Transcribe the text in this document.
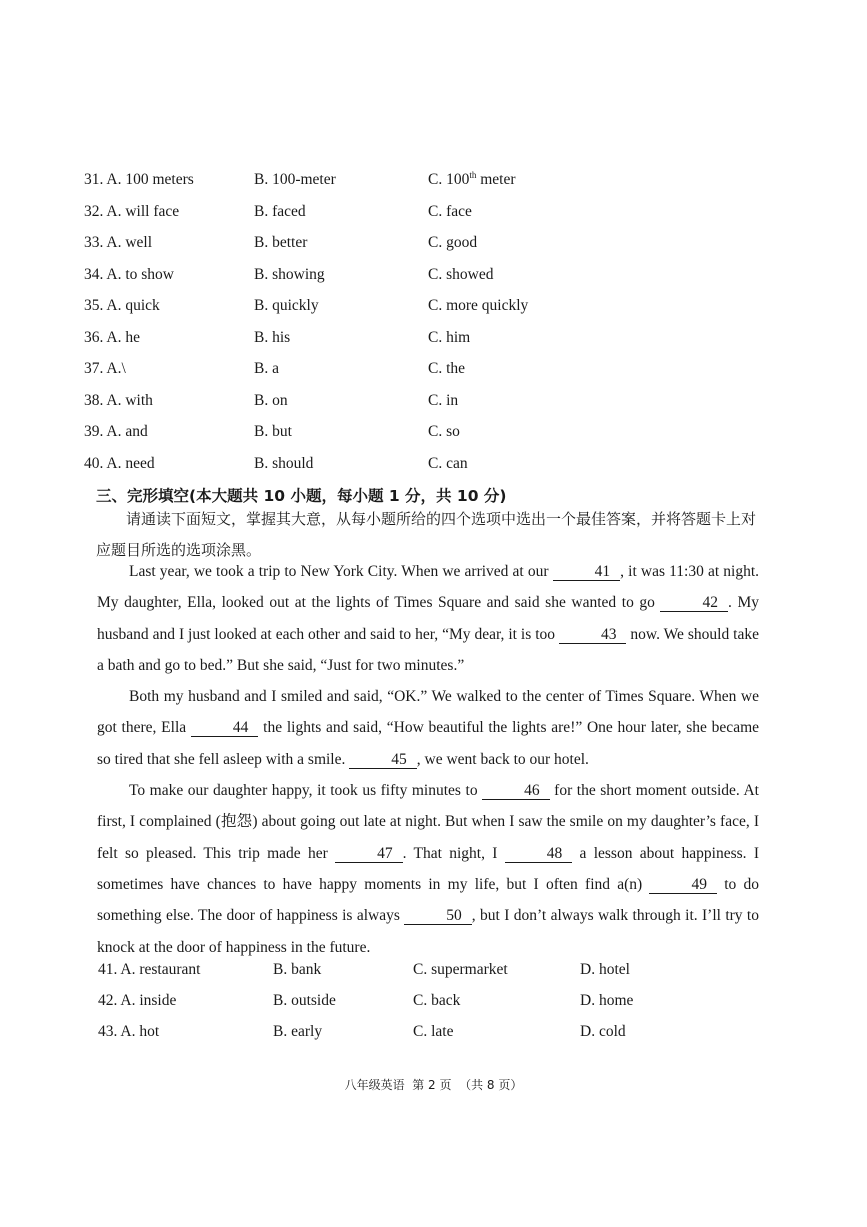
31. A. 100 meters	B. 100-meter	C. 100th meter
32. A. will face	B. faced	C. face
33. A. well	B. better	C. good
34. A. to show	B. showing	C. showed
35. A. quick	B. quickly	C. more quickly
36. A. he	B. his	C. him
37. A.\	B. a	C. the
38. A. with	B. on	C. in
39. A. and	B. but	C. so
40. A. need	B. should	C. can
三、完形填空(本大题共 10 小题，每小题 1 分，共 10 分)
请通读下面短文，掌握其大意，从每小题所给的四个选项中选出一个最佳答案，并将答题卡上对应题目所选的选项涂黑。

Last year, we took a trip to New York City. When we arrived at our	41 , it was 11:30 at night. My daughter, Ella, looked out at the lights of Times Square and said she wanted to go	42 . My husband and I just looked at each other and said to her, “My dear, it is too	43 now. We should take a bath and go to bed.” But she said, “Just for two minutes.”

Both my husband and I smiled and said, “OK.” We walked to the center of Times Square. When we got there, Ella	44 the lights and said, “How beautiful the lights are!” One hour later, she became so tired that she fell asleep with a smile.	45 , we went back to our hotel.

To make our daughter happy, it took us fifty minutes to	46 for the short moment outside. At first, I complained (抱怨) about going out late at night. But when I saw the smile on my daughter’s face, I felt so pleased. This trip made her	47 . That night, I	48 a lesson about happiness. I sometimes have chances to have happy moments in my life, but I often find a(n)	49 to do something else. The door of happiness is always	50 , but I don’t always walk through it. I’ll try to knock at the door of happiness in the future.

41. A. restaurant	B. bank	C. supermarket	D. hotel
42. A. inside	B. outside	C. back	D. home
43. A. hot	B. early	C. late	D. cold
八年级英语  第 2 页  （共 8 页）
